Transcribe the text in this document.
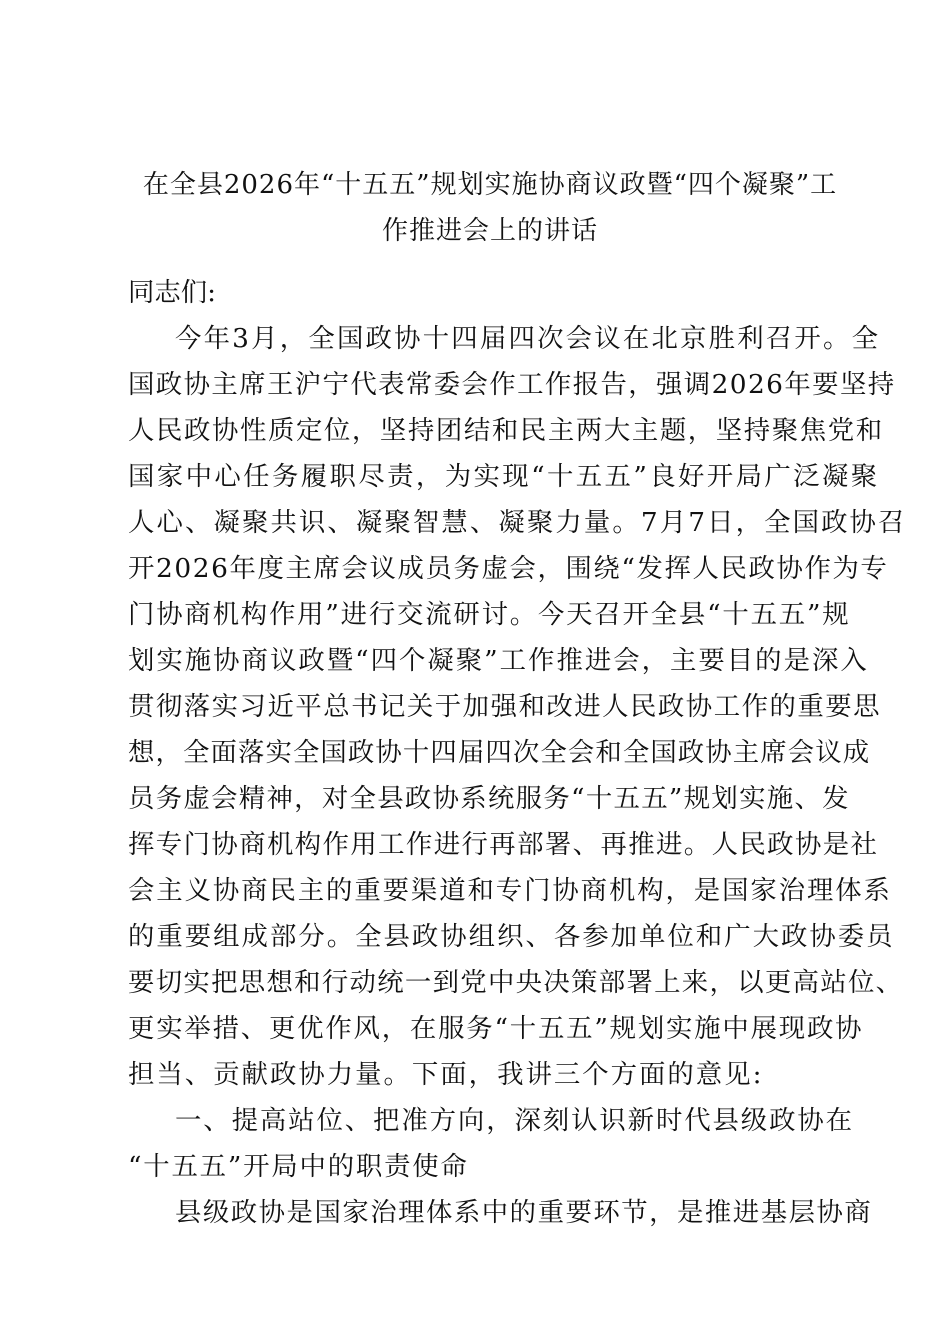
在全县2026年“十五五”规划实施协商议政暨“四个凝聚”工
作推进会上的讲话
同志们:
今年3月，全国政协十四届四次会议在北京胜利召开。全
国政协主席王沪宁代表常委会作工作报告，强调2026年要坚持
人民政协性质定位，坚持团结和民主两大主题，坚持聚焦党和
国家中心任务履职尽责，为实现“十五五”良好开局广泛凝聚
人心、凝聚共识、凝聚智慧、凝聚力量。7月7日，全国政协召
开2026年度主席会议成员务虚会，围绕“发挥人民政协作为专
门协商机构作用”进行交流研讨。今天召开全县“十五五”规
划实施协商议政暨“四个凝聚”工作推进会，主要目的是深入
贯彻落实习近平总书记关于加强和改进人民政协工作的重要思
想，全面落实全国政协十四届四次全会和全国政协主席会议成
员务虚会精神，对全县政协系统服务“十五五”规划实施、发
挥专门协商机构作用工作进行再部署、再推进。人民政协是社
会主义协商民主的重要渠道和专门协商机构，是国家治理体系
的重要组成部分。全县政协组织、各参加单位和广大政协委员
要切实把思想和行动统一到党中央决策部署上来，以更高站位、
更实举措、更优作风，在服务“十五五”规划实施中展现政协
担当、贡献政协力量。下面，我讲三个方面的意见:
一、提高站位、把准方向，深刻认识新时代县级政协在
“十五五”开局中的职责使命
县级政协是国家治理体系中的重要环节，是推进基层协商
